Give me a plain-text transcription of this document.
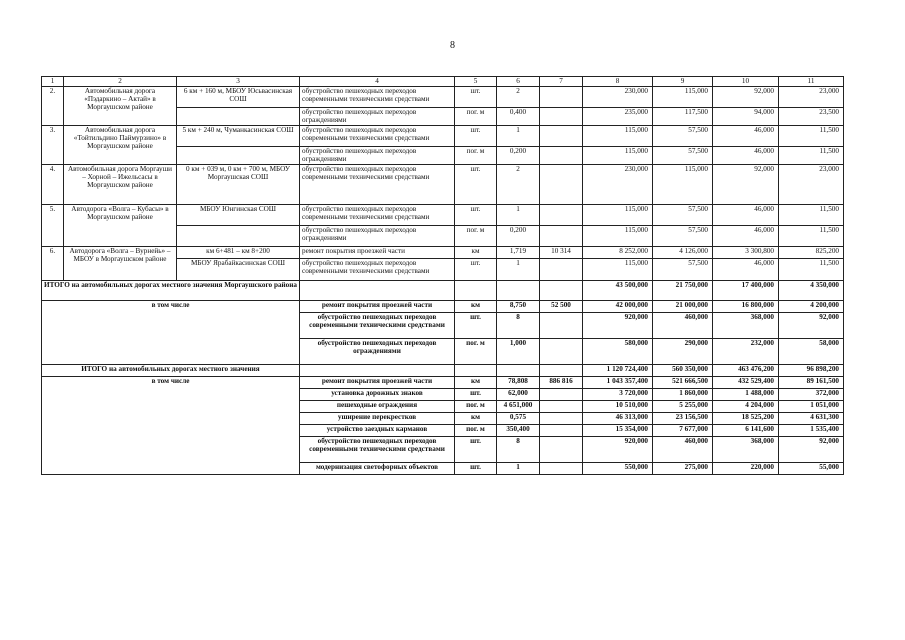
8
1	2	3	4	5	6	7	8	9	10	11
2.	Автомобильная дорога «Пэдаркино – Актай» в Моргаушском районе	6 км + 160 м, МБОУ Юсьвасинская СОШ	обустройство пешеходных переходов современными техническими средствами	шт.	2		230,000	115,000	92,000	23,000
			обустройство пешеходных переходов ограждениями	пог. м	0,400		235,000	117,500	94,000	23,500
3.	Автомобильная дорога «Тойтильдино Паймурзино» в Моргаушском районе	5 км + 240 м, Чуманкасинская СОШ	обустройство пешеходных переходов современными техническими средствами	шт.	1		115,000	57,500	46,000	11,500
			обустройство пешеходных переходов ограждениями	пог. м	0,200		115,000	57,500	46,000	11,500
4.	Автомобильная дорога Моргауши – Хорной – Ижельсасы в Моргаушском районе	0 км + 039 м, 0 км + 700 м, МБОУ Моргаушская СОШ	обустройство пешеходных переходов современными техническими средствами	шт.	2		230,000	115,000	92,000	23,000
5.	Автодорога «Волга – Кубасы» в Моргаушском районе	МБОУ Юнгинская СОШ	обустройство пешеходных переходов современными техническими средствами	шт.	1		115,000	57,500	46,000	11,500
			обустройство пешеходных переходов ограждениями	пог. м	0,200		115,000	57,500	46,000	11,500
6.	Автодорога «Волга – Вурнейь» – МБОУ в Моргаушском районе	км 6+481 – км 8+200	ремонт покрытия проезжей части	км	1,719	10 314	8 252,000	4 126,000	3 300,800	825,200
		МБОУ Ярабайкасинская СОШ	обустройство пешеходных переходов современными техническими средствами	шт.	1		115,000	57,500	46,000	11,500
ИТОГО на автомобильных дорогах местного значения Моргаушского района							43 500,000	21 750,000	17 400,000	4 350,000
в том числе			ремонт покрытия проезжей части	км	8,750	52 500	42 000,000	21 000,000	16 800,000	4 200,000
			обустройство пешеходных переходов современными техническими средствами	шт.	8		920,000	460,000	368,000	92,000
			обустройство пешеходных переходов ограждениями	пог. м	1,000		580,000	290,000	232,000	58,000
ИТОГО на автомобильных дорогах местного значения							1 120 724,400	560 350,000	463 476,200	96 898,200
в том числе			ремонт покрытия проезжей части	км	78,808	886 816	1 043 357,400	521 666,500	432 529,400	89 161,500
			установка дорожных знаков	шт.	62,000		3 720,000	1 860,000	1 488,000	372,000
			пешеходные ограждения	пог. м	4 651,000		10 510,000	5 255,000	4 204,000	1 051,000
			уширение перекрестков	км	0,575		46 313,000	23 156,500	18 525,200	4 631,300
			устройство заездных карманов	пог. м	350,400		15 354,000	7 677,000	6 141,600	1 535,400
			обустройство пешеходных переходов современными техническими средствами	шт.	8		920,000	460,000	368,000	92,000
			модернизация светофорных объектов	шт.	1		550,000	275,000	220,000	55,000
